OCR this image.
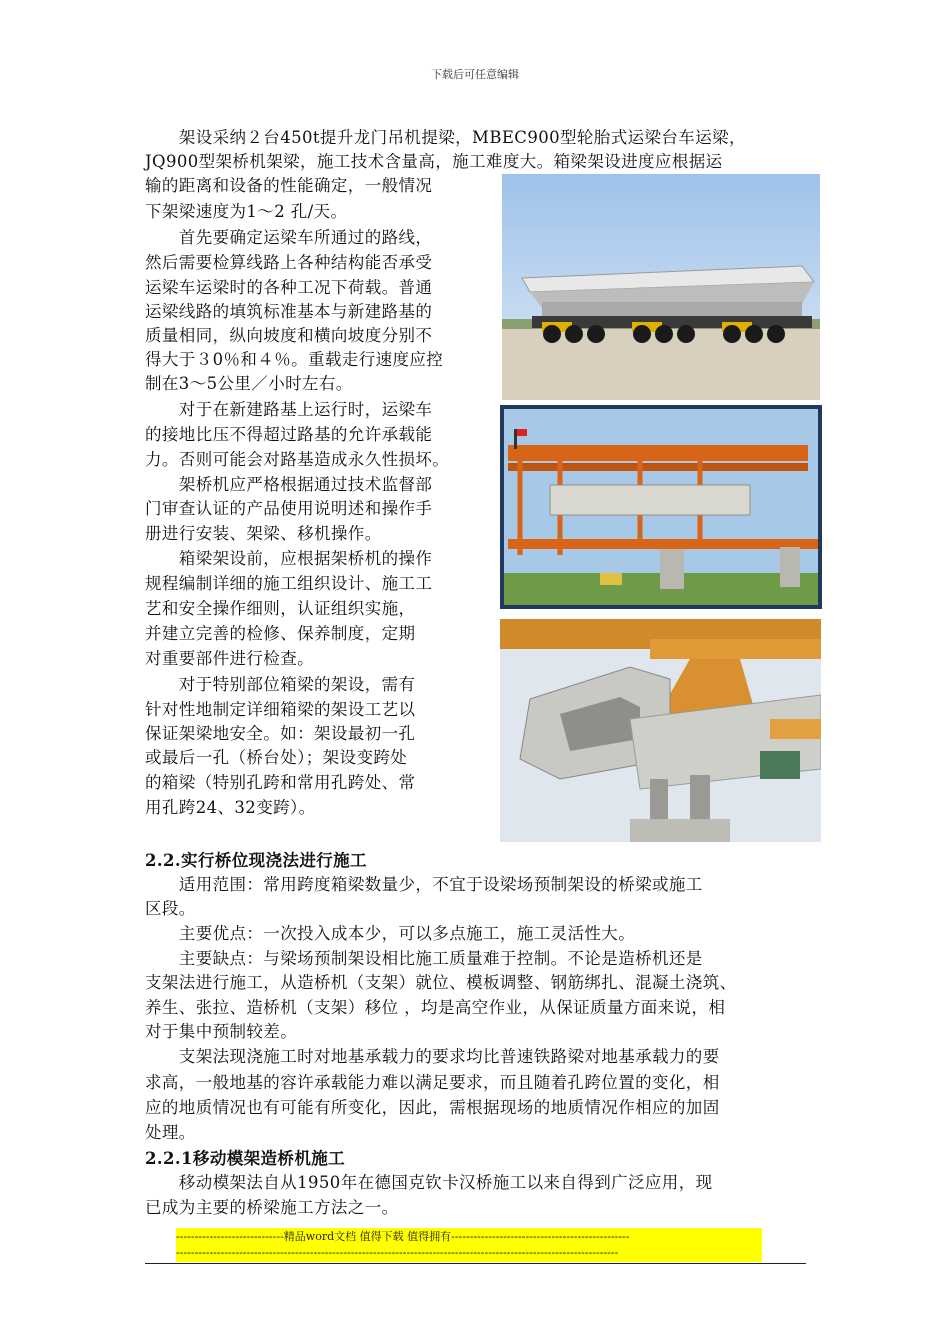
下载后可任意编辑

　　架设采纳２台450t提升龙门吊机提梁，MBEC900型轮胎式运梁台车运梁，

JQ900型架桥机架梁，施工技术含量高，施工难度大。箱梁架设进度应根据运

输的距离和设备的性能确定，一般情况

下架梁速度为1～2 孔/天。

　　首先要确定运梁车所通过的路线，

然后需要检算线路上各种结构能否承受

运梁车运梁时的各种工况下荷载。普通

运梁线路的填筑标准基本与新建路基的

质量相同，纵向坡度和横向坡度分别不

得大于３0％和４％。重载走行速度应控

制在3～5公里／小时左右。

　　对于在新建路基上运行时，运梁车

的接地比压不得超过路基的允许承载能

力。否则可能会对路基造成永久性损坏。

　　架桥机应严格根据通过技术监督部

门审查认证的产品使用说明述和操作手

册进行安装、架梁、移机操作。

　　箱梁架设前，应根据架桥机的操作

规程编制详细的施工组织设计、施工工

艺和安全操作细则，认证组织实施，

并建立完善的检修、保养制度，定期

对重要部件进行检查。

　　对于特别部位箱梁的架设，需有

针对性地制定详细箱梁的架设工艺以

保证架梁地安全。如：架设最初一孔

或最后一孔（桥台处）；架设变跨处

的箱梁（特别孔跨和常用孔跨处、常

用孔跨24、32变跨）。

2.2.实行桥位现浇法进行施工

　　适用范围：常用跨度箱梁数量少，不宜于设梁场预制架设的桥梁或施工

区段。

　　主要优点：一次投入成本少，可以多点施工，施工灵活性大。

　　主要缺点：与梁场预制架设相比施工质量难于控制。不论是造桥机还是

支架法进行施工，从造桥机（支架）就位、模板调整、钢筋绑扎、混凝土浇筑、

养生、张拉、造桥机（支架）移位 ，均是高空作业，从保证质量方面来说，相

对于集中预制较差。

　　支架法现浇施工时对地基承载力的要求均比普速铁路梁对地基承载力的要

求高，一般地基的容许承载能力难以满足要求，而且随着孔跨位置的变化，相

应的地质情况也有可能有所变化，因此，需根据现场的地质情况作相应的加固

处理。

2.2.1移动模架造桥机施工

　　移动模架法自从1950年在德国克钦卡汉桥施工以来自得到广泛应用，现

已成为主要的桥梁施工方法之一。

-----------------------------精品word文档 值得下载 值得拥有------------------------------------------------
-----------------------------------------------------------------------------------------------------------------------
